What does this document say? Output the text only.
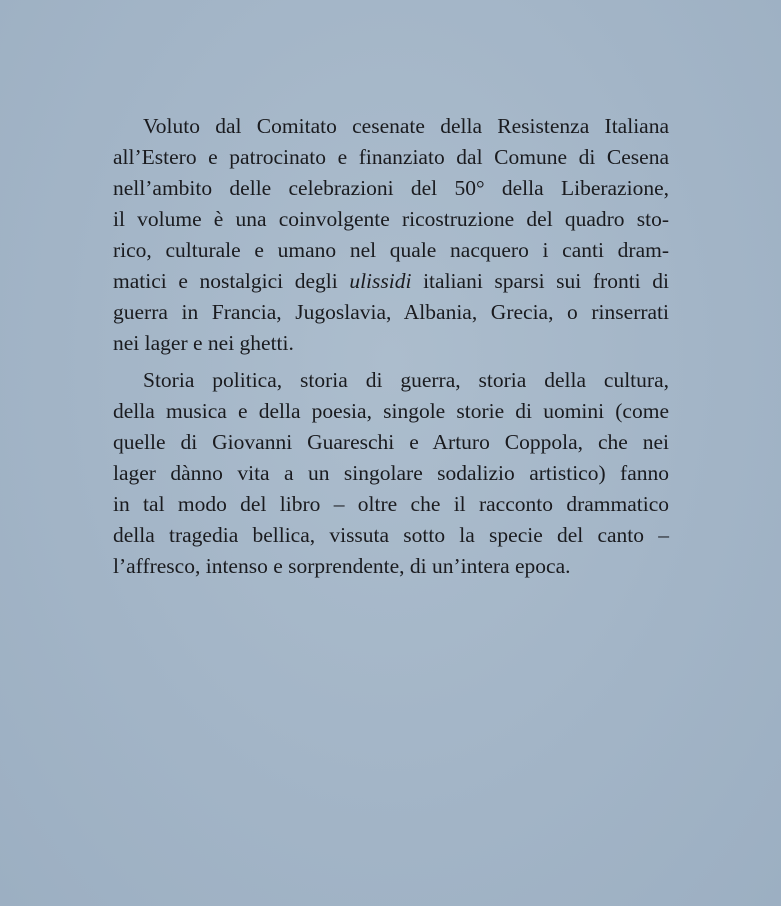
Voluto dal Comitato cesenate della Resistenza Italiana
all’Estero e patrocinato e finanziato dal Comune di Cesena
nell’ambito delle celebrazioni del 50° della Liberazione,
il volume è una coinvolgente ricostruzione del quadro sto-
rico, culturale e umano nel quale nacquero i canti dram-
matici e nostalgici degli ulissidi italiani sparsi sui fronti di
guerra in Francia, Jugoslavia, Albania, Grecia, o rinserrati
nei lager e nei ghetti.
Storia politica, storia di guerra, storia della cultura,
della musica e della poesia, singole storie di uomini (come
quelle di Giovanni Guareschi e Arturo Coppola, che nei
lager dànno vita a un singolare sodalizio artistico) fanno
in tal modo del libro – oltre che il racconto drammatico
della tragedia bellica, vissuta sotto la specie del canto –
l’affresco, intenso e sorprendente, di un’intera epoca.
